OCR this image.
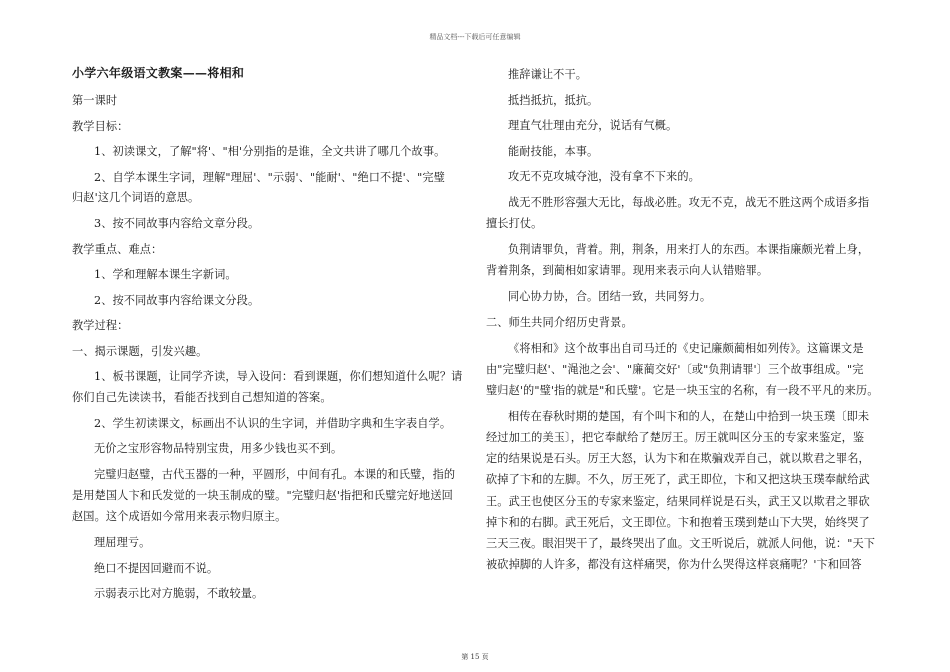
精品文档---下载后可任意编辑
小学六年级语文教案——将相和
第一课时
教学目标：
1、初读课文，了解"将'、"相'分别指的是谁，全文共讲了哪几个故事。
2、自学本课生字词，理解"理屈'、"示弱'、"能耐'、"绝口不提'、"完璧
归赵'这几个词语的意思。
3、按不同故事内容给文章分段。
教学重点、难点：
1、学和理解本课生字新词。
2、按不同故事内容给课文分段。
教学过程：
一、揭示课题，引发兴趣。
1、板书课题，让同学齐读，导入设问：看到课题，你们想知道什么呢？请
你们自己先读读书，看能否找到自己想知道的答案。
2、学生初读课文，标画出不认识的生字词，并借助字典和生字表自学。
无价之宝形容物品特别宝贵，用多少钱也买不到。
完璧归赵璧，古代玉器的一种，平圆形，中间有孔。本课的和氏璧，指的
是用楚国人卞和氏发觉的一块玉制成的璧。"完璧归赵'指把和氏璧完好地送回
赵国。这个成语如今常用来表示物归原主。
理屈理亏。
绝口不提因回避而不说。
示弱表示比对方脆弱，不敢较量。
推辞谦让不干。
抵挡抵抗，抵抗。
理直气壮理由充分，说话有气概。
能耐技能，本事。
攻无不克攻城夺池，没有拿不下来的。
战无不胜形容强大无比，每战必胜。攻无不克，战无不胜这两个成语多指
擅长打仗。
负荆请罪负，背着。荆，荆条，用来打人的东西。本课指廉颇光着上身，
背着荆条，到蔺相如家请罪。现用来表示向人认错赔罪。
同心协力协，合。团结一致，共同努力。
二、师生共同介绍历史背景。
《将相和》这个故事出自司马迁的《史记廉颇蔺相如列传》。这篇课文是
由"完璧归赵'、"渑池之会'、"廉蔺交好'〔或"负荆请罪'〕三个故事组成。"完
璧归赵'的"璧'指的就是"和氏璧'。它是一块玉宝的名称，有一段不平凡的来历。
相传在春秋时期的楚国，有个叫卞和的人，在楚山中拾到一块玉璞〔即未
经过加工的美玉〕，把它奉献给了楚厉王。厉王就叫区分玉的专家来鉴定，鉴
定的结果说是石头。厉王大怒，认为卞和在欺骗戏弄自己，就以欺君之罪名，
砍掉了卞和的左脚。不久，厉王死了，武王即位，卞和又把这块玉璞奉献给武
王。武王也使区分玉的专家来鉴定，结果同样说是石头，武王又以欺君之罪砍
掉卞和的右脚。武王死后，文王即位。卞和抱着玉璞到楚山下大哭，始终哭了
三天三夜。眼泪哭干了，最终哭出了血。文王听说后，就派人问他，说："天下
被砍掉脚的人许多，都没有这样痛哭，你为什么哭得这样哀痛呢？'卞和回答
第 15 页
